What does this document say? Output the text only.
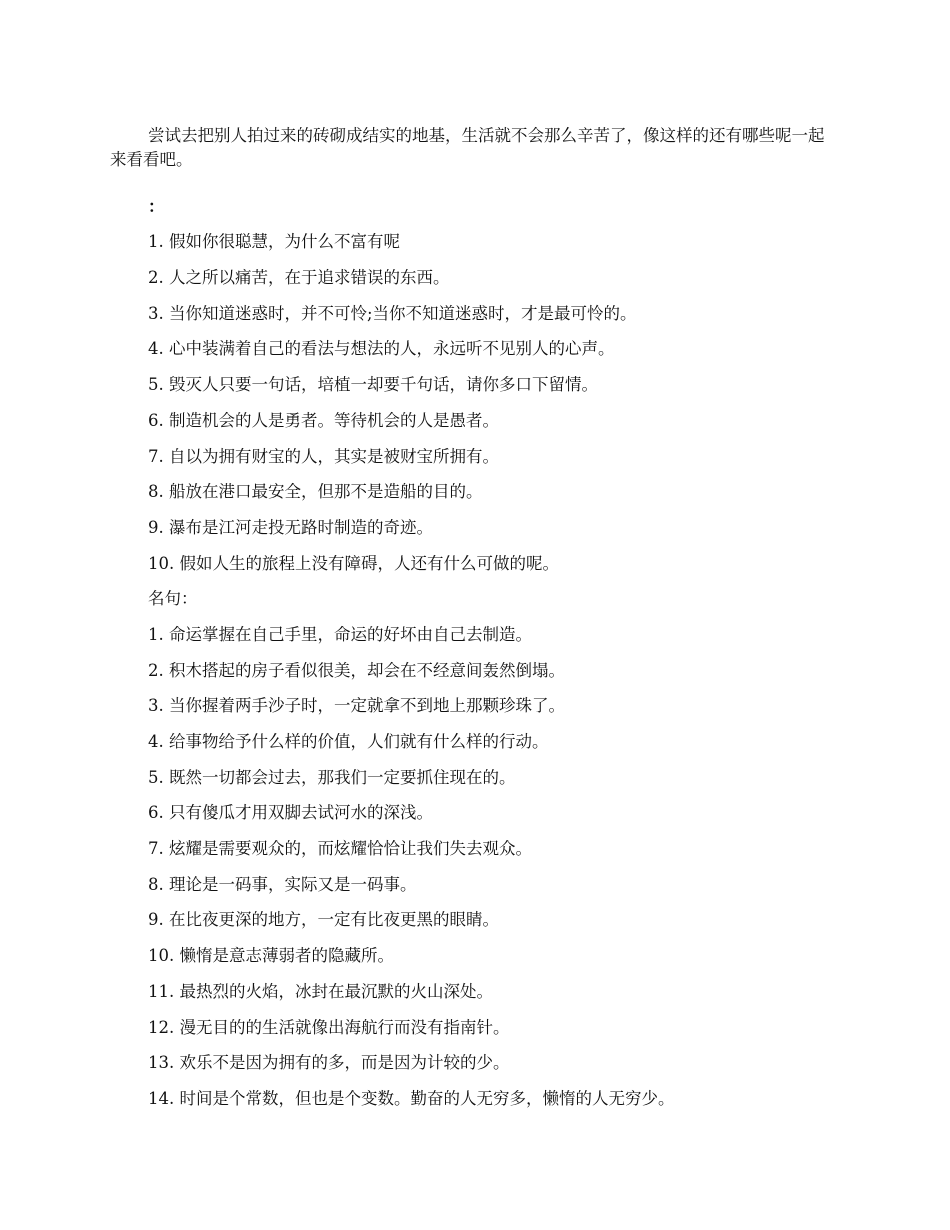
尝试去把别人拍过来的砖砌成结实的地基，生活就不会那么辛苦了，像这样的还有哪些呢一起来看看吧。

：
1. 假如你很聪慧，为什么不富有呢
2. 人之所以痛苦，在于追求错误的东西。
3. 当你知道迷惑时，并不可怜;当你不知道迷惑时，才是最可怜的。
4. 心中装满着自己的看法与想法的人，永远听不见别人的心声。
5. 毁灭人只要一句话，培植一却要千句话，请你多口下留情。
6. 制造机会的人是勇者。等待机会的人是愚者。
7. 自以为拥有财宝的人，其实是被财宝所拥有。
8. 船放在港口最安全，但那不是造船的目的。
9. 瀑布是江河走投无路时制造的奇迹。
10. 假如人生的旅程上没有障碍，人还有什么可做的呢。
名句：
1. 命运掌握在自己手里，命运的好坏由自己去制造。
2. 积木搭起的房子看似很美，却会在不经意间轰然倒塌。
3. 当你握着两手沙子时，一定就拿不到地上那颗珍珠了。
4. 给事物给予什么样的价值，人们就有什么样的行动。
5. 既然一切都会过去，那我们一定要抓住现在的。
6. 只有傻瓜才用双脚去试河水的深浅。
7. 炫耀是需要观众的，而炫耀恰恰让我们失去观众。
8. 理论是一码事，实际又是一码事。
9. 在比夜更深的地方，一定有比夜更黑的眼睛。
10. 懒惰是意志薄弱者的隐藏所。
11. 最热烈的火焰，冰封在最沉默的火山深处。
12. 漫无目的的生活就像出海航行而没有指南针。
13. 欢乐不是因为拥有的多，而是因为计较的少。
14. 时间是个常数，但也是个变数。勤奋的人无穷多，懒惰的人无穷少。
